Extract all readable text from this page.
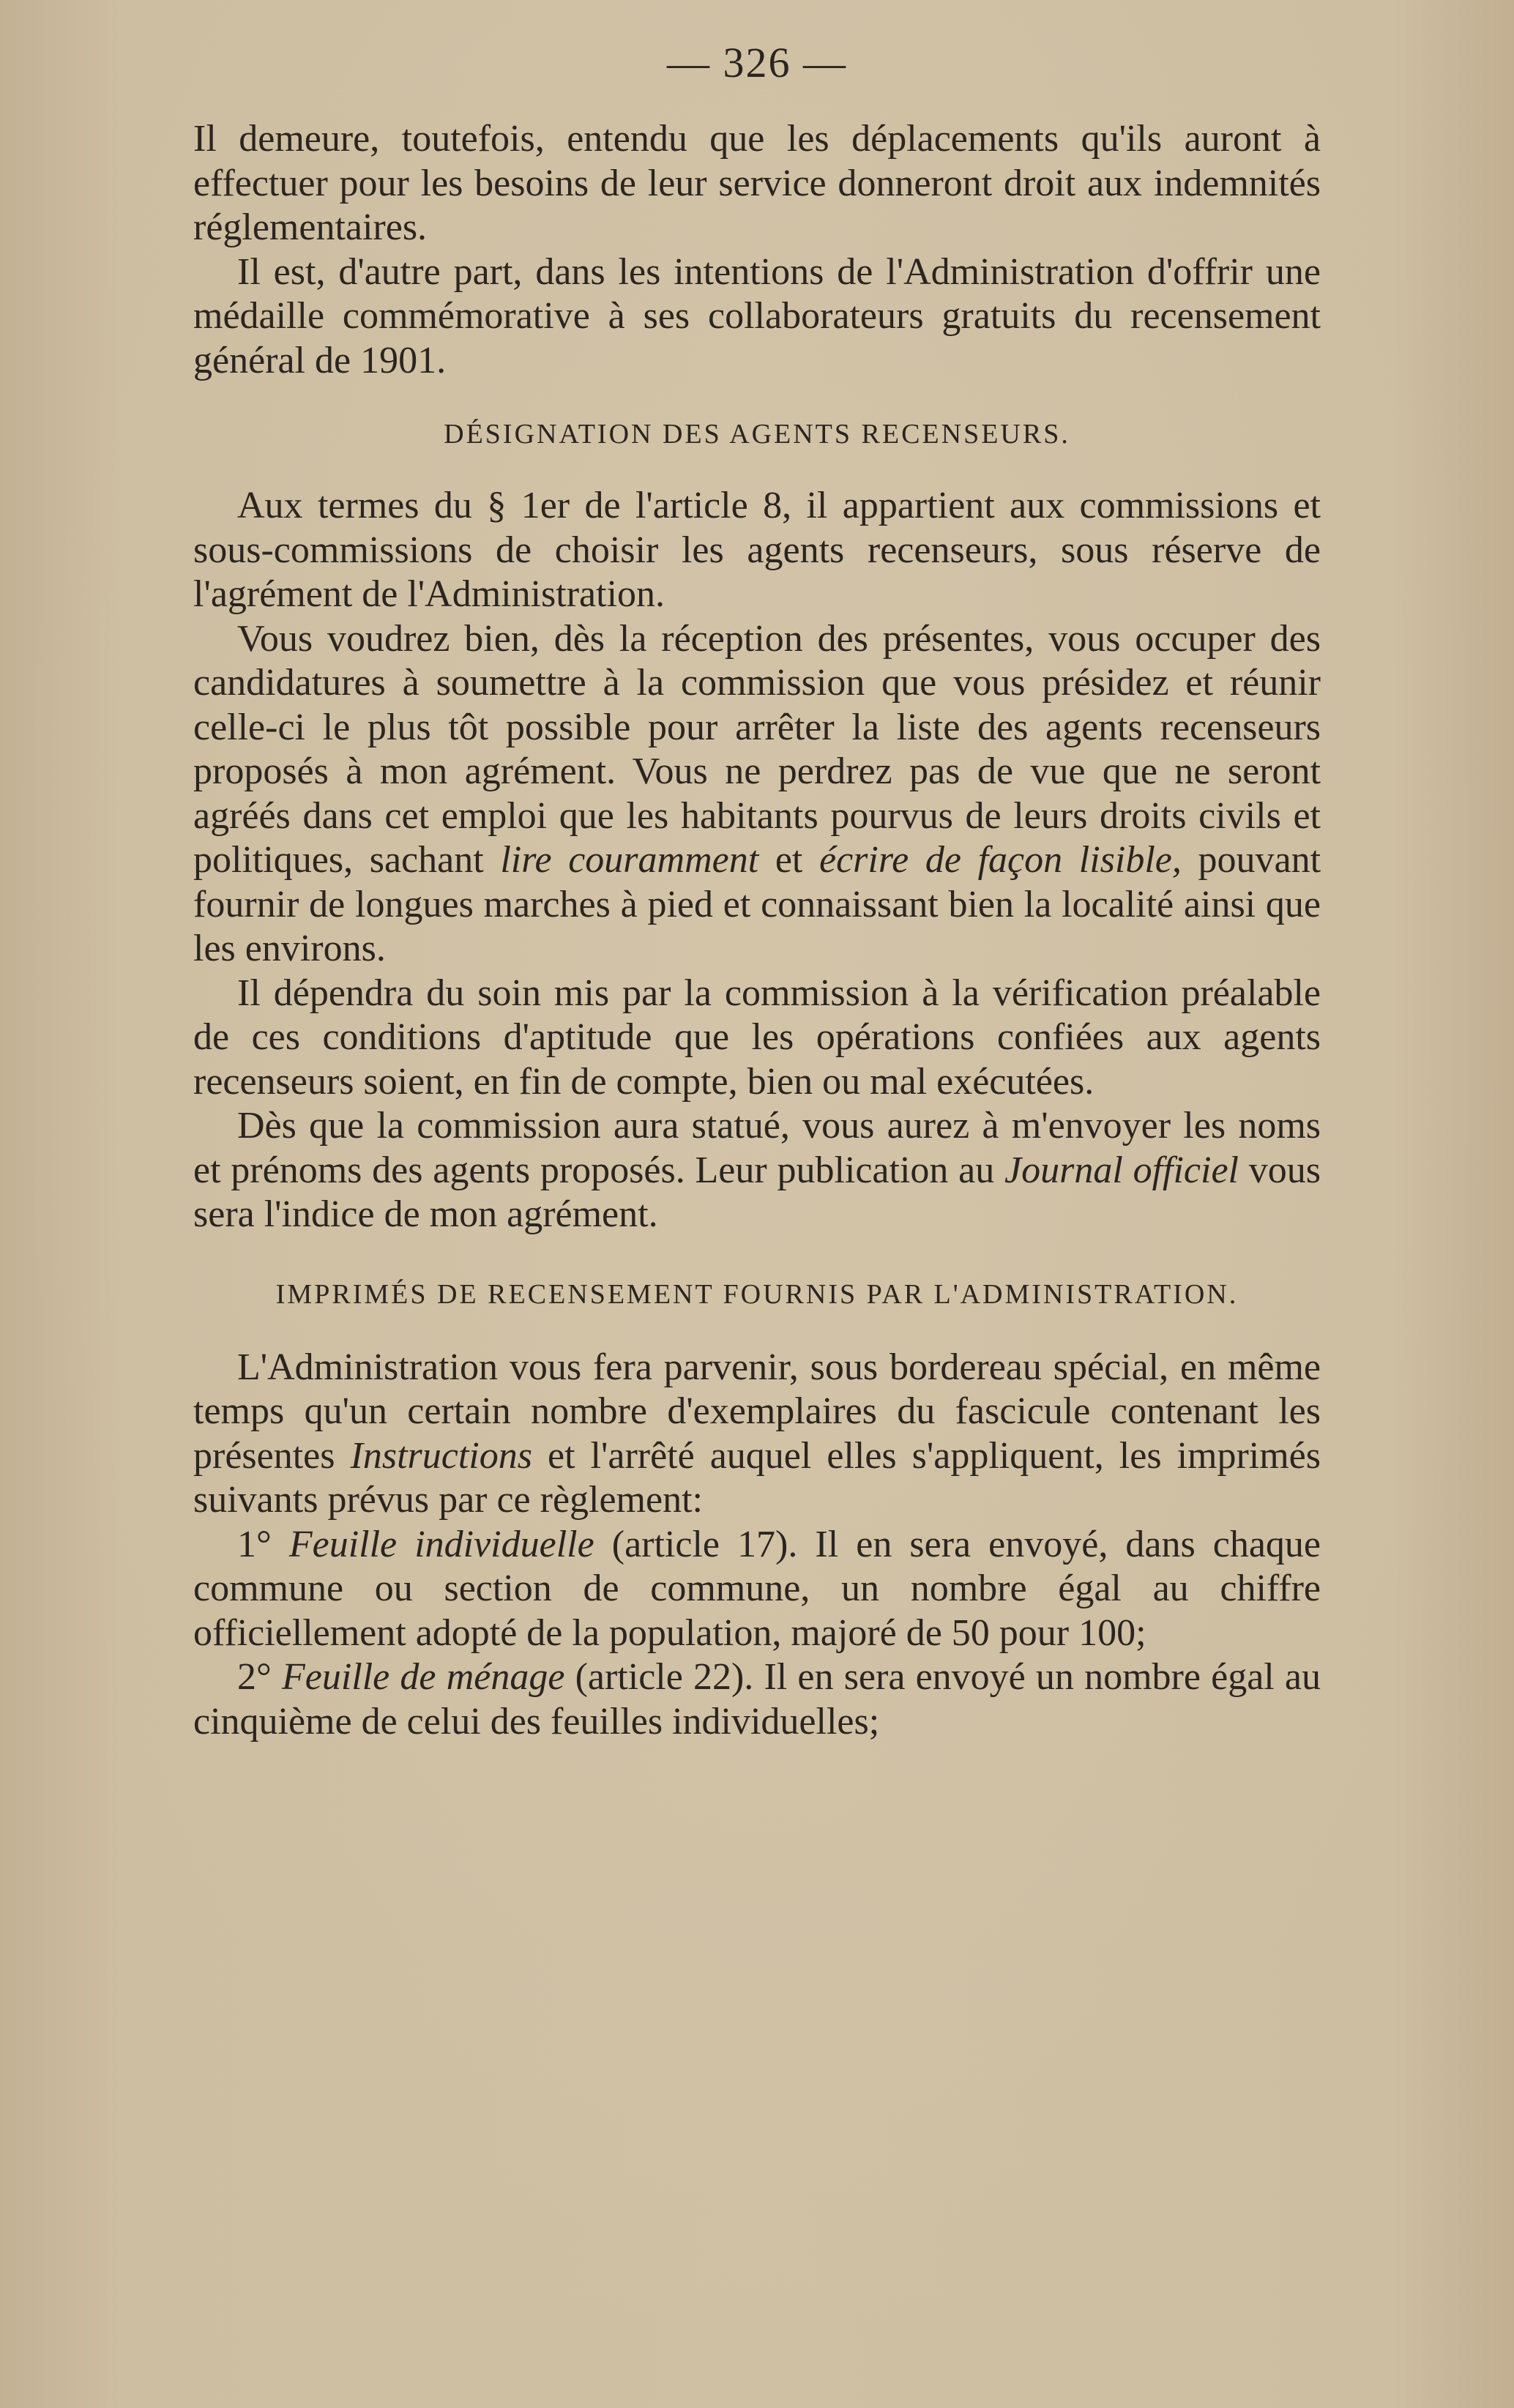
— 326 —

Il demeure, toutefois, entendu que les déplacements qu'ils auront à effectuer pour les besoins de leur service donneront droit aux indemnités réglementaires.

Il est, d'autre part, dans les intentions de l'Administration d'offrir une médaille commémorative à ses collaborateurs gratuits du recensement général de 1901.

DÉSIGNATION DES AGENTS RECENSEURS.

Aux termes du § 1er de l'article 8, il appartient aux commissions et sous-commissions de choisir les agents recenseurs, sous réserve de l'agrément de l'Administration.

Vous voudrez bien, dès la réception des présentes, vous occuper des candidatures à soumettre à la commission que vous présidez et réunir celle-ci le plus tôt possible pour arrêter la liste des agents recenseurs proposés à mon agrément. Vous ne perdrez pas de vue que ne seront agréés dans cet emploi que les habitants pourvus de leurs droits civils et politiques, sachant lire couramment et écrire de façon lisible, pouvant fournir de longues marches à pied et connaissant bien la localité ainsi que les environs.

Il dépendra du soin mis par la commission à la vérification préalable de ces conditions d'aptitude que les opérations confiées aux agents recenseurs soient, en fin de compte, bien ou mal exécutées.

Dès que la commission aura statué, vous aurez à m'envoyer les noms et prénoms des agents proposés. Leur publication au Journal officiel vous sera l'indice de mon agrément.

IMPRIMÉS DE RECENSEMENT FOURNIS PAR L'ADMINISTRATION.

L'Administration vous fera parvenir, sous bordereau spécial, en même temps qu'un certain nombre d'exemplaires du fascicule contenant les présentes Instructions et l'arrêté auquel elles s'appliquent, les imprimés suivants prévus par ce règlement:

1° Feuille individuelle (article 17). Il en sera envoyé, dans chaque commune ou section de commune, un nombre égal au chiffre officiellement adopté de la population, majoré de 50 pour 100;

2° Feuille de ménage (article 22). Il en sera envoyé un nombre égal au cinquième de celui des feuilles individuelles;
